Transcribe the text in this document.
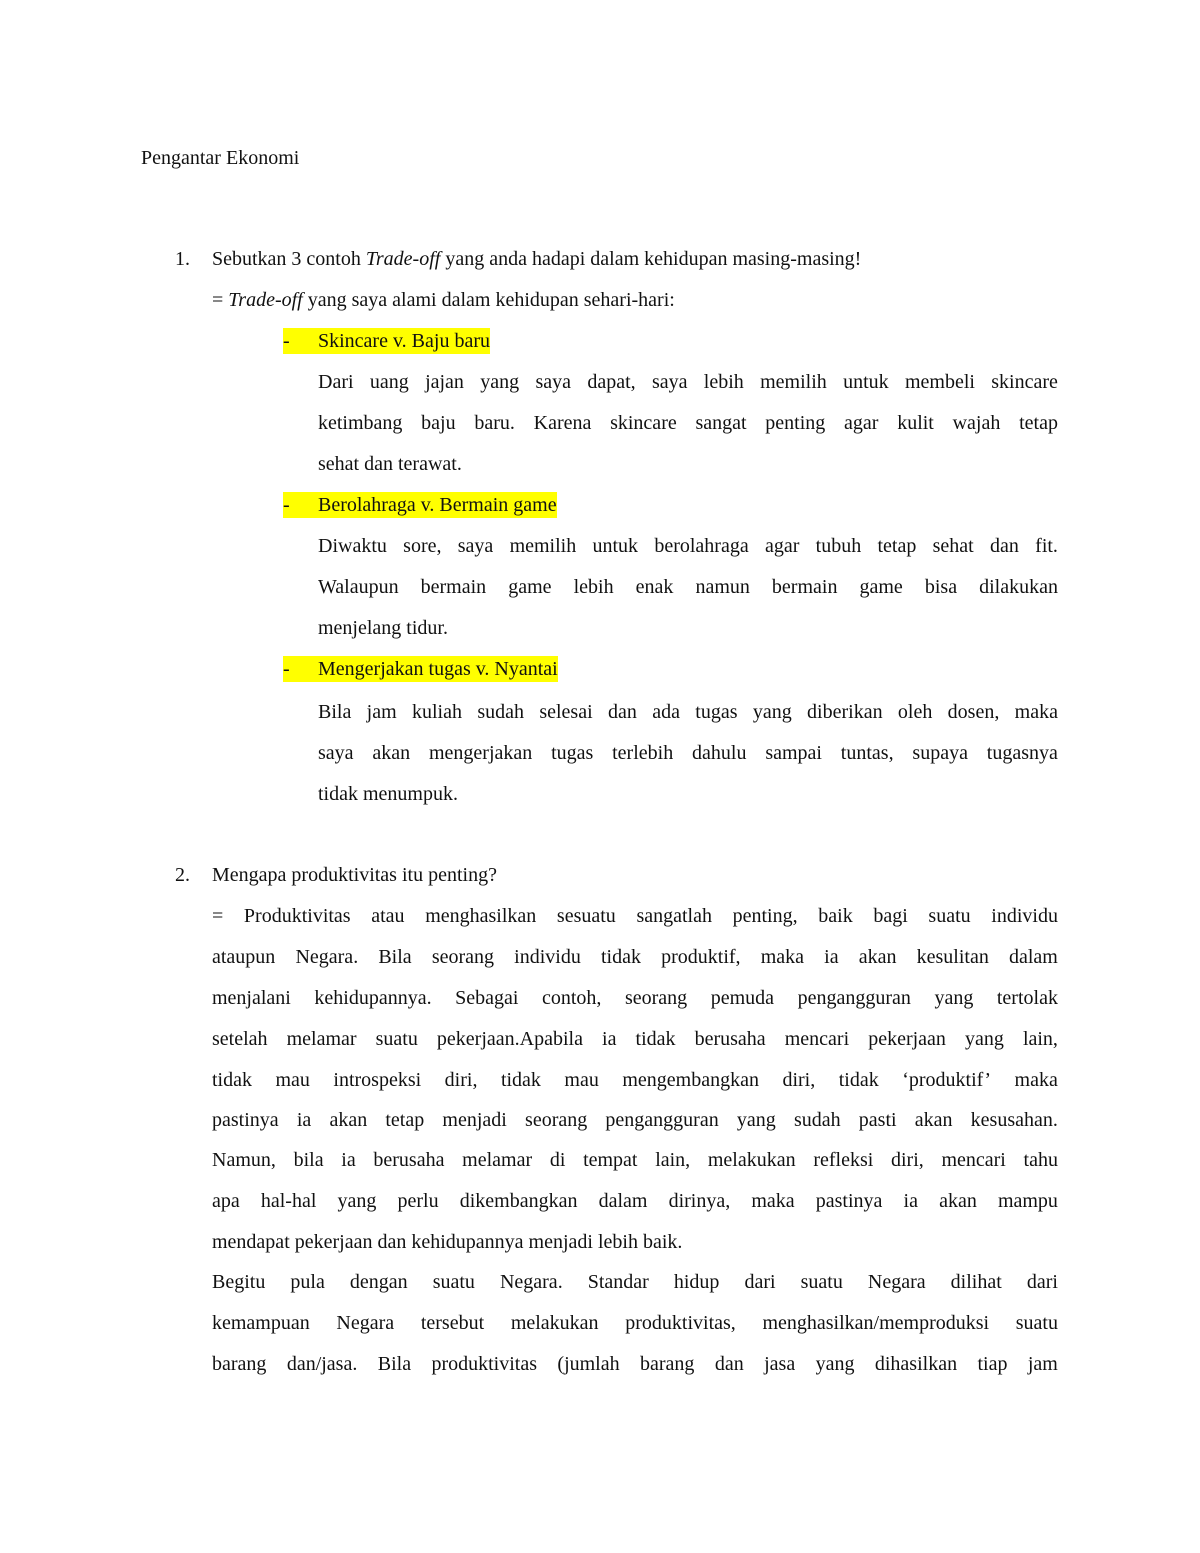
Pengantar Ekonomi
1. Sebutkan 3 contoh Trade-off yang anda hadapi dalam kehidupan masing-masing!
= Trade-off yang saya alami dalam kehidupan sehari-hari:
-	Skincare v. Baju baru
Dari uang jajan yang saya dapat, saya lebih memilih untuk membeli skincare
ketimbang baju baru. Karena skincare sangat penting agar kulit wajah tetap
sehat dan terawat.
-	Berolahraga v. Bermain game
Diwaktu sore, saya memilih untuk berolahraga agar tubuh tetap sehat dan fit.
Walaupun bermain game lebih enak namun bermain game bisa dilakukan
menjelang tidur.
-	Mengerjakan tugas v. Nyantai
Bila jam kuliah sudah selesai dan ada tugas yang diberikan oleh dosen, maka
saya akan mengerjakan tugas terlebih dahulu sampai tuntas, supaya tugasnya
tidak menumpuk.
2. Mengapa produktivitas itu penting?
= Produktivitas atau menghasilkan sesuatu sangatlah penting, baik bagi suatu individu
ataupun Negara. Bila seorang individu tidak produktif, maka ia akan kesulitan dalam
menjalani kehidupannya. Sebagai contoh, seorang pemuda pengangguran yang tertolak
setelah melamar suatu pekerjaan.Apabila ia tidak berusaha mencari pekerjaan yang lain,
tidak mau introspeksi diri, tidak mau mengembangkan diri, tidak ‘produktif’ maka
pastinya ia akan tetap menjadi seorang pengangguran yang sudah pasti akan kesusahan.
Namun, bila ia berusaha melamar di tempat lain, melakukan refleksi diri, mencari tahu
apa hal-hal yang perlu dikembangkan dalam dirinya, maka pastinya ia akan mampu
mendapat pekerjaan dan kehidupannya menjadi lebih baik.
Begitu pula dengan suatu Negara. Standar hidup dari suatu Negara dilihat dari
kemampuan Negara tersebut melakukan produktivitas, menghasilkan/memproduksi suatu
barang dan/jasa. Bila produktivitas (jumlah barang dan jasa yang dihasilkan tiap jam
